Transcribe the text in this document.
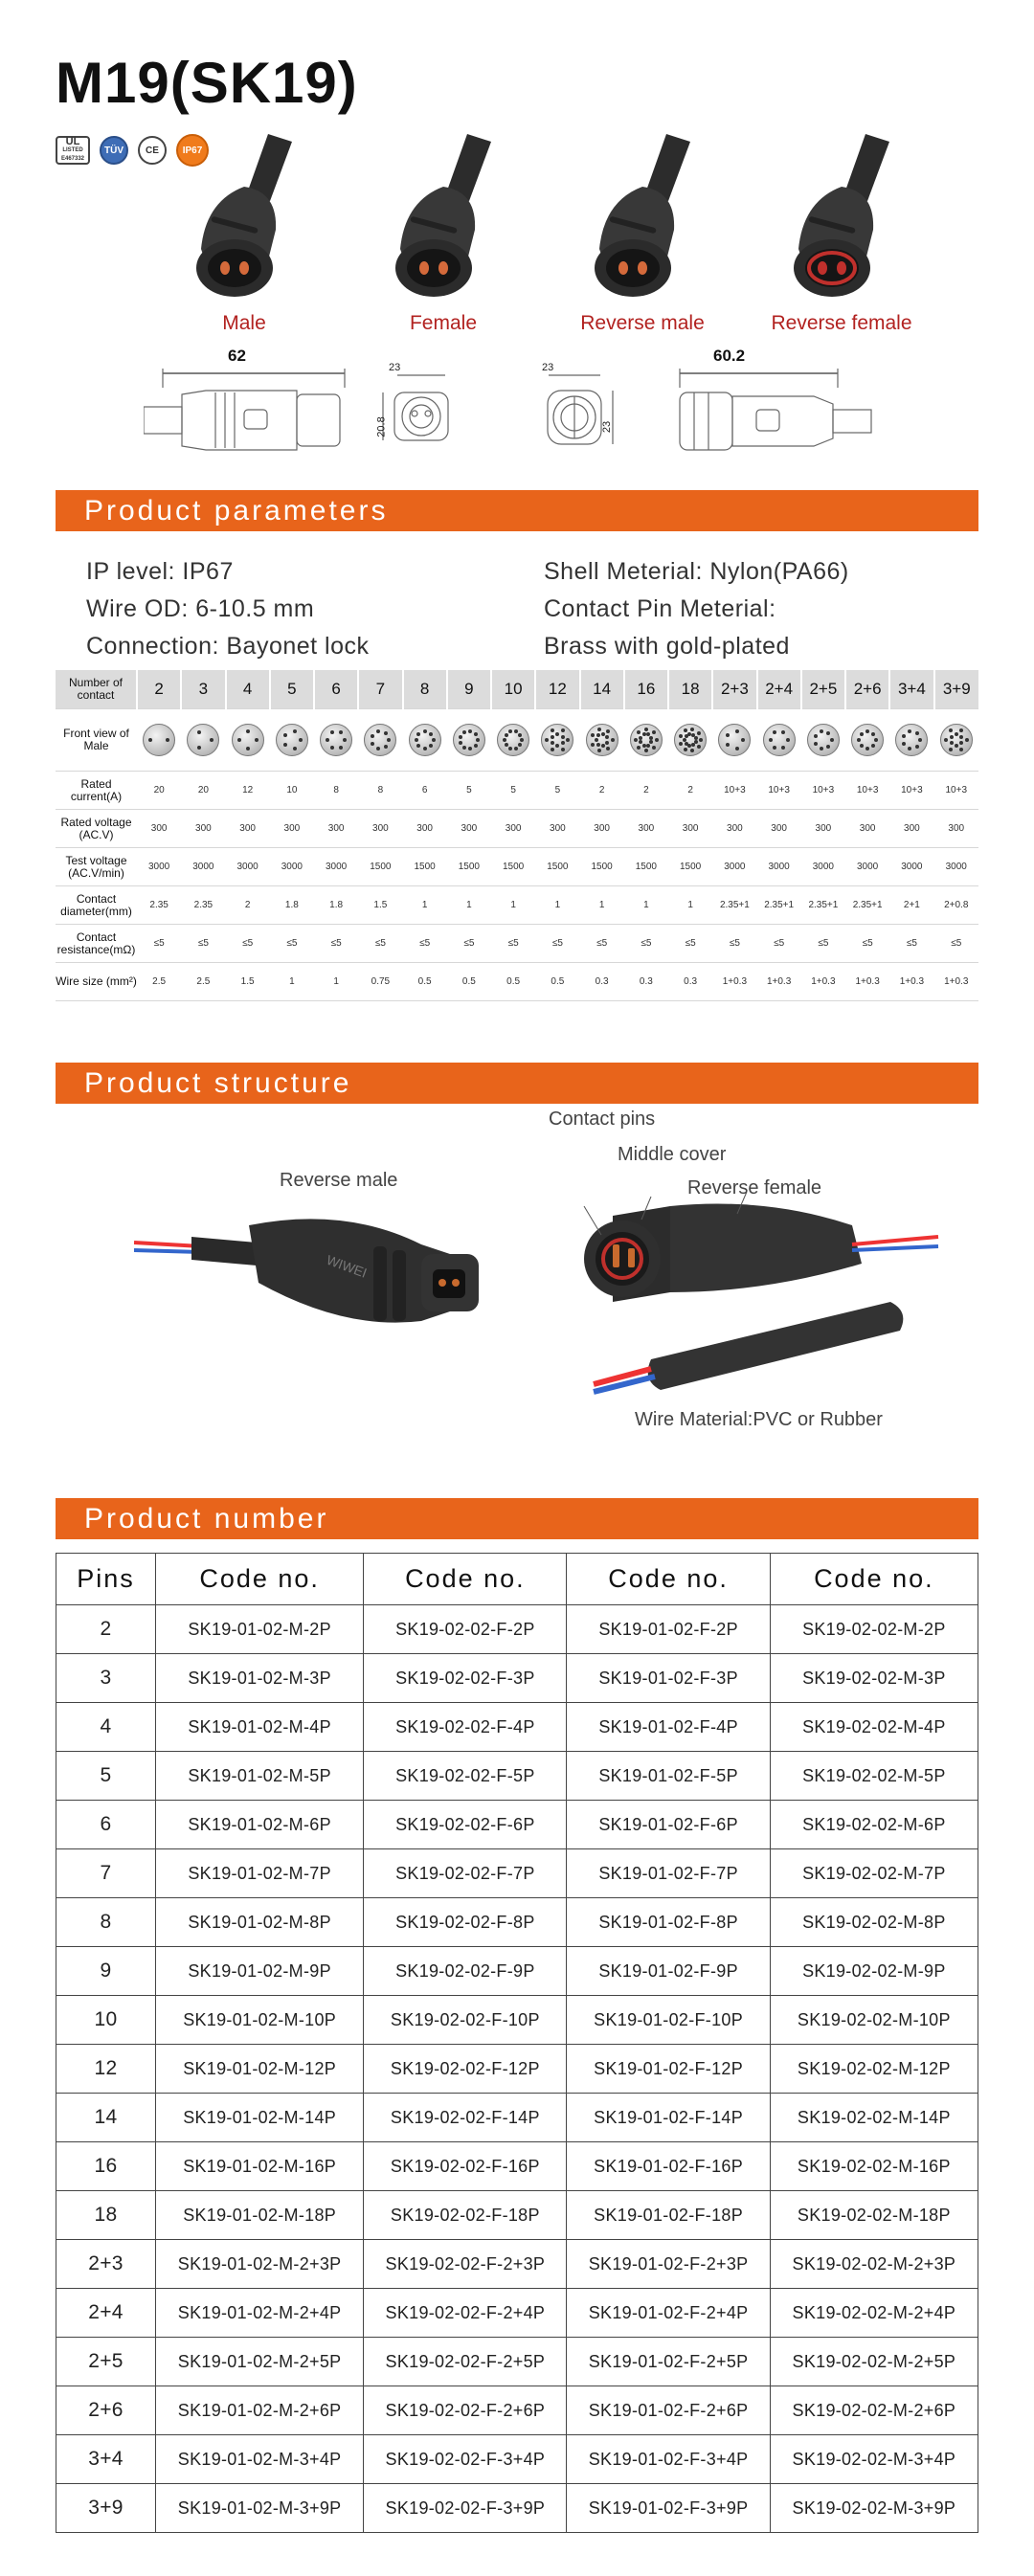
M19(SK19)
UL
LISTED E467332
TÜV	CE	IP67
Male	Female	Reverse male	Reverse female
62
23
20.8
23
23
60.2
Product parameters
IP level: IP67
Wire OD: 6-10.5 mm
Connection: Bayonet lock
Shell Meterial: Nylon(PA66)
Contact Pin Meterial:
Brass with gold-plated
Number of contact	2	3	4	5	6	7	8	9	10	12	14	16	18	2+3	2+4	2+5	2+6	3+4	3+9
Front view of Male	

Rated current(A)	20	20	12	10	8	8	6	5	5	5	2	2	2	10+3	10+3	10+3	10+3	10+3	10+3
Rated voltage (AC.V)	300	300	300	300	300	300	300	300	300	300	300	300	300	300	300	300	300	300	300
Test voltage (AC.V/min)	3000	3000	3000	3000	3000	1500	1500	1500	1500	1500	1500	1500	1500	3000	3000	3000	3000	3000	3000
Contact diameter(mm)	2.35	2.35	2	1.8	1.8	1.5	1	1	1	1	1	1	1	2.35+1	2.35+1	2.35+1	2.35+1	2+1	2+0.8
Contact resistance(mΩ)	≤5	≤5	≤5	≤5	≤5	≤5	≤5	≤5	≤5	≤5	≤5	≤5	≤5	≤5	≤5	≤5	≤5	≤5	≤5
Wire size (mm²)	2.5	2.5	1.5	1	1	0.75	0.5	0.5	0.5	0.5	0.3	0.3	0.3	1+0.3	1+0.3	1+0.3	1+0.3	1+0.3	1+0.3
Product structure
WIWEI
Reverse male
Contact pins
Middle cover
Reverse female
Wire Material:PVC or Rubber
Product number
Pins	Code no.	Code no.	Code no.	Code no.
2	SK19-01-02-M-2P	SK19-02-02-F-2P	SK19-01-02-F-2P	SK19-02-02-M-2P
3	SK19-01-02-M-3P	SK19-02-02-F-3P	SK19-01-02-F-3P	SK19-02-02-M-3P
4	SK19-01-02-M-4P	SK19-02-02-F-4P	SK19-01-02-F-4P	SK19-02-02-M-4P
5	SK19-01-02-M-5P	SK19-02-02-F-5P	SK19-01-02-F-5P	SK19-02-02-M-5P
6	SK19-01-02-M-6P	SK19-02-02-F-6P	SK19-01-02-F-6P	SK19-02-02-M-6P
7	SK19-01-02-M-7P	SK19-02-02-F-7P	SK19-01-02-F-7P	SK19-02-02-M-7P
8	SK19-01-02-M-8P	SK19-02-02-F-8P	SK19-01-02-F-8P	SK19-02-02-M-8P
9	SK19-01-02-M-9P	SK19-02-02-F-9P	SK19-01-02-F-9P	SK19-02-02-M-9P
10	SK19-01-02-M-10P	SK19-02-02-F-10P	SK19-01-02-F-10P	SK19-02-02-M-10P
12	SK19-01-02-M-12P	SK19-02-02-F-12P	SK19-01-02-F-12P	SK19-02-02-M-12P
14	SK19-01-02-M-14P	SK19-02-02-F-14P	SK19-01-02-F-14P	SK19-02-02-M-14P
16	SK19-01-02-M-16P	SK19-02-02-F-16P	SK19-01-02-F-16P	SK19-02-02-M-16P
18	SK19-01-02-M-18P	SK19-02-02-F-18P	SK19-01-02-F-18P	SK19-02-02-M-18P
2+3	SK19-01-02-M-2+3P	SK19-02-02-F-2+3P	SK19-01-02-F-2+3P	SK19-02-02-M-2+3P
2+4	SK19-01-02-M-2+4P	SK19-02-02-F-2+4P	SK19-01-02-F-2+4P	SK19-02-02-M-2+4P
2+5	SK19-01-02-M-2+5P	SK19-02-02-F-2+5P	SK19-01-02-F-2+5P	SK19-02-02-M-2+5P
2+6	SK19-01-02-M-2+6P	SK19-02-02-F-2+6P	SK19-01-02-F-2+6P	SK19-02-02-M-2+6P
3+4	SK19-01-02-M-3+4P	SK19-02-02-F-3+4P	SK19-01-02-F-3+4P	SK19-02-02-M-3+4P
3+9	SK19-01-02-M-3+9P	SK19-02-02-F-3+9P	SK19-01-02-F-3+9P	SK19-02-02-M-3+9P
